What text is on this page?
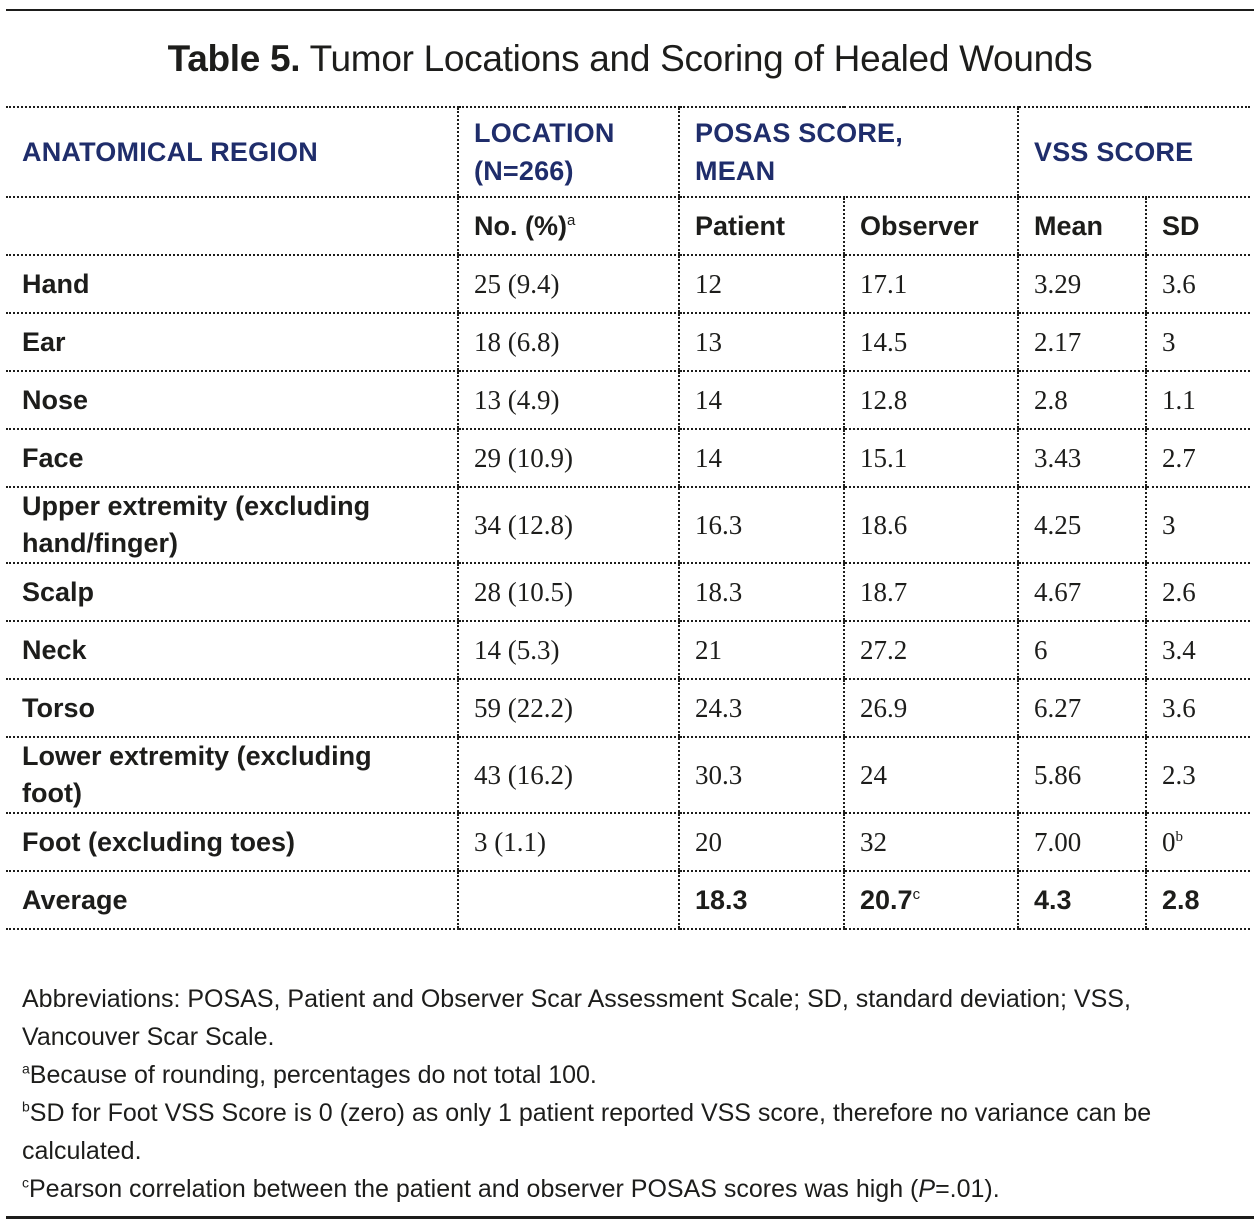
Table 5. Tumor Locations and Scoring of Healed Wounds
ANATOMICAL REGION	LOCATION (N=266)	POSAS SCORE, MEAN		VSS SCORE	
	No. (%)$^a$	Patient	Observer	Mean	SD
Hand	25 (9.4)	12	17.1	3.29	3.6
Ear	18 (6.8)	13	14.5	2.17	3
Nose	13 (4.9)	14	12.8	2.8	1.1
Face	29 (10.9)	14	15.1	3.43	2.7

Upper extremity (excluding hand/finger)	34 (12.8)	16.3	18.6	4.25	3
Scalp	28 (10.5)	18.3	18.7	4.67	2.6
Neck	14 (5.3)	21	27.2	6	3.4
Torso	59 (22.2)	24.3	26.9	6.27	3.6

Lower extremity (excluding foot)	43 (16.2)	30.3	24	5.86	2.3
Foot (excluding toes)	3 (1.1)	20	32	7.00	0$^b$
Average		18.3	20.7$^c$	4.3	2.8

Abbreviations: POSAS, Patient and Observer Scar Assessment Scale; SD, standard deviation; VSS, Vancouver Scar Scale.

$^a$Because of rounding, percentages do not total 100.

$^b$SD for Foot VSS Score is 0 (zero) as only 1 patient reported VSS score, therefore no variance can be calculated.

$^c$Pearson correlation between the patient and observer POSAS scores was high (P=.01).
